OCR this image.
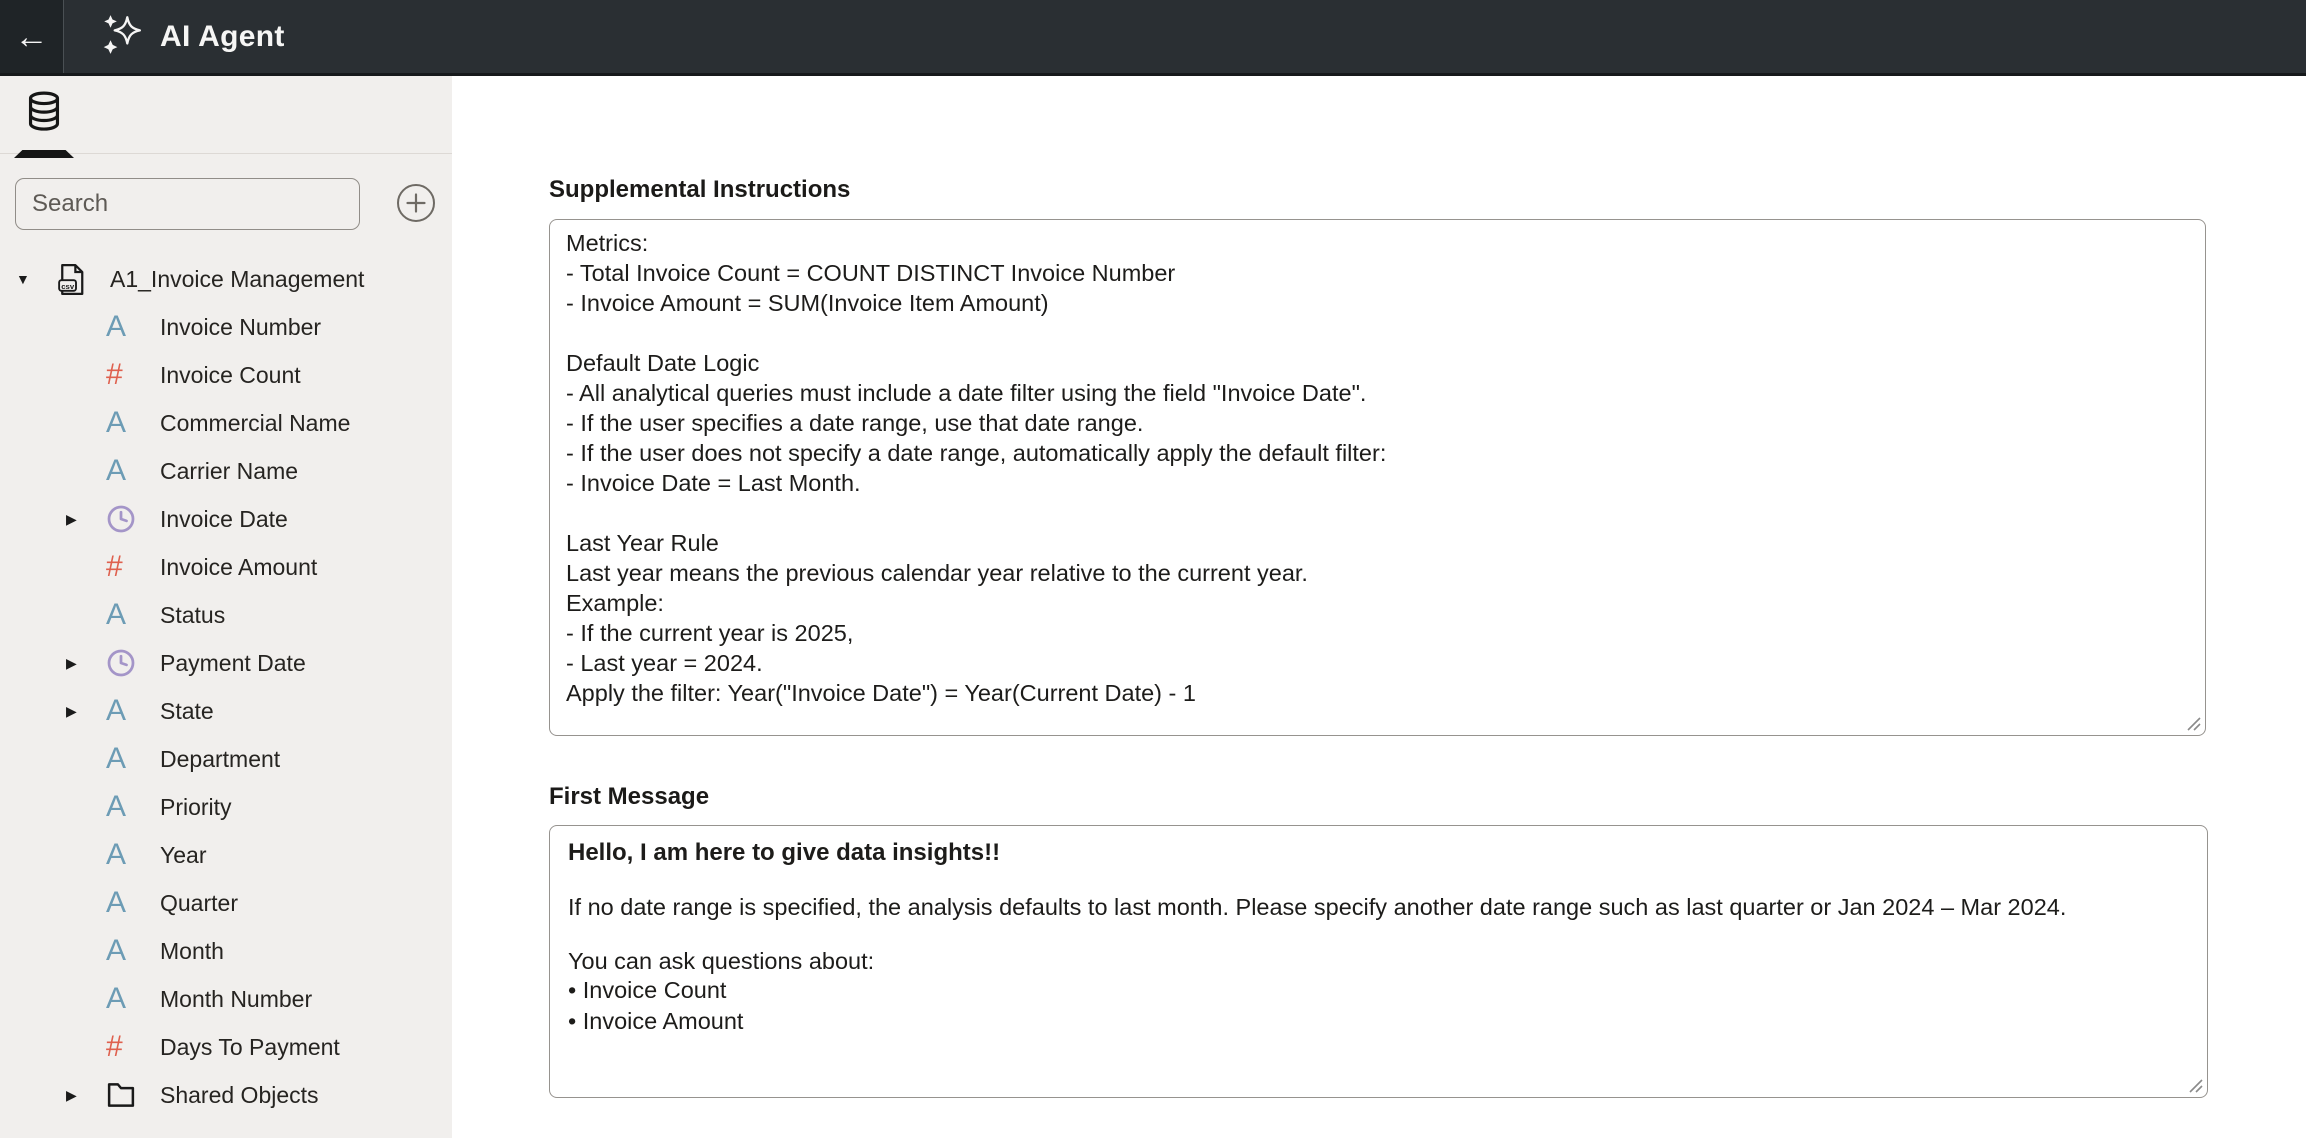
←
AI Agent
Search
▼	csv A1_Invoice Management
A Invoice Number
# Invoice Count
A Commercial Name
A Carrier Name
▶	Invoice Date
# Invoice Amount
A Status
▶	Payment Date
▶ A State
A Department
A Priority
A Year
A Quarter
A Month
A Month Number
# Days To Payment
▶	Shared Objects
Supplemental Instructions
Metrics: - Total Invoice Count = COUNT DISTINCT Invoice Number - Invoice Amount = SUM(Invoice Item Amount) Default Date Logic - All analytical queries must include a date filter using the field "Invoice Date". - If the user specifies a date range, use that date range. - If the user does not specify a date range, automatically apply the default filter: - Invoice Date = Last Month. Last Year Rule Last year means the previous calendar year relative to the current year. Example: - If the current year is 2025, - Last year = 2024. Apply the filter: Year("Invoice Date") = Year(Current Date) - 1
First Message
Hello, I am here to give data insights!!
If no date range is specified, the analysis defaults to last month. Please specify another date range such as last quarter or Jan 2024 – Mar 2024.
You can ask questions about:
• Invoice Count
• Invoice Amount
